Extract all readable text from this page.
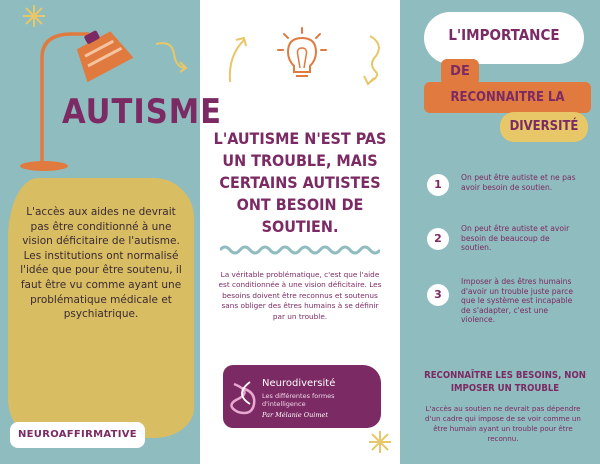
AUTISME
L'accès aux aides ne devrait pas être conditionné à une vision déficitaire de l'autisme. Les institutions ont normalisé l'idée que pour être soutenu, il faut être vu comme ayant une problématique médicale et psychiatrique.
NEUROAFFIRMATIVE
L'AUTISME N'EST PAS UN TROUBLE, MAIS CERTAINS AUTISTES ONT BESOIN DE SOUTIEN.
La véritable problématique, c'est que l'aide est conditionnée à une vision déficitaire. Les besoins doivent être reconnus et soutenus sans obliger des êtres humains à se définir par un trouble.
Neurodiversité
Les différentes formes d'intelligence
Par Mélanie Ouimet
L'IMPORTANCE
DE
RECONNAITRE LA
DIVERSITÉ
1
On peut être autiste et ne pas avoir besoin de soutien.
2
On peut être autiste et avoir besoin de beaucoup de soutien.
3
Imposer à des êtres humains d'avoir un trouble juste parce que le système est incapable de s'adapter, c'est une violence.
RECONNAÎTRE LES BESOINS, NON IMPOSER UN TROUBLE
L'accès au soutien ne devrait pas dépendre d'un cadre qui impose de se voir comme un être humain ayant un trouble pour être reconnu.
